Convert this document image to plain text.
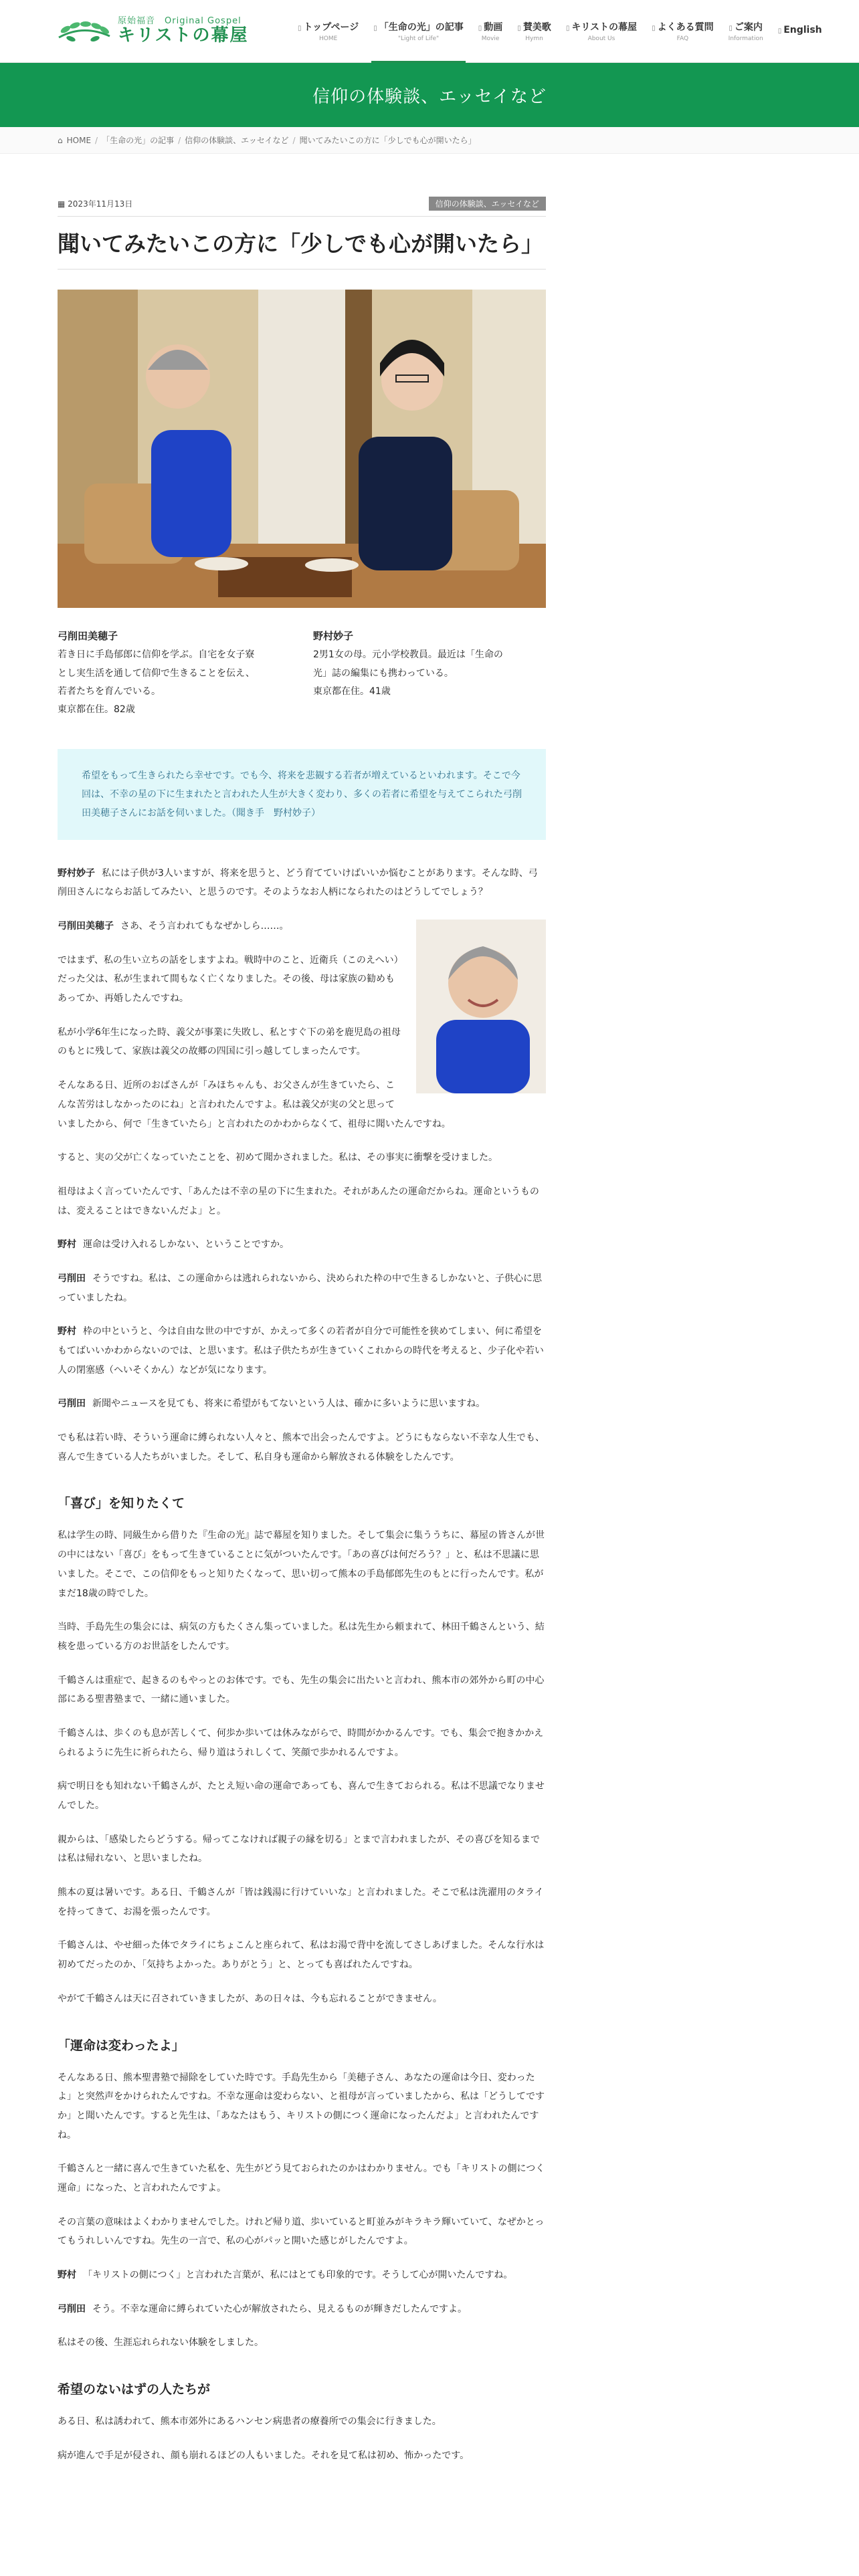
原始福音 Original Gospel
キリストの幕屋
▯	トップページ
HOME
▯ 「生命の光」の記事
"Light of Life"
▯ 動画
Movie
▯ 賛美歌
Hymn
▯ キリストの幕屋
About Us
▯ よくある質問
FAQ
▯ ご案内
Information
▯ English
信仰の体験談、エッセイなど
⌂ HOME / 「生命の光」の記事 / 信仰の体験談、エッセイなど / 聞いてみたいこの方に「少しでも心が開いたら」
▦ 2023年11月13日	信仰の体験談、エッセイなど
聞いてみたいこの方に「少しでも心が開いたら」
弓削田美穂子
若き日に手島郁郎に信仰を学ぶ。自宅を女子寮
とし実生活を通して信仰で生きることを伝え、
若者たちを育んでいる。
東京都在住。82歳
野村妙子
2男1女の母。元小学校教員。最近は「生命の
光」誌の編集にも携わっている。
東京都在住。41歳
希望をもって生きられたら幸せです。でも今、将来を悲観する若者が増えているといわれます。そこで今回は、不幸の星の下に生まれたと言われた人生が大きく変わり、多くの若者に希望を与えてこられた弓削田美穂子さんにお話を伺いました。（聞き手　野村妙子）

野村妙子 私には子供が3人いますが、将来を思うと、どう育てていけばいいか悩むことがあります。そんな時、弓削田さんにならお話してみたい、と思うのです。そのようなお人柄になられたのはどうしてでしょう？

弓削田美穂子 さあ、そう言われてもなぜかしら……。

ではまず、私の生い立ちの話をしますよね。戦時中のこと、近衛兵（このえへい）だった父は、私が生まれて間もなく亡くなりました。その後、母は家族の勧めもあってか、再婚したんですね。

私が小学6年生になった時、義父が事業に失敗し、私とすぐ下の弟を鹿児島の祖母のもとに残して、家族は義父の故郷の四国に引っ越してしまったんです。

そんなある日、近所のおばさんが「みほちゃんも、お父さんが生きていたら、こんな苦労はしなかったのにね」と言われたんですよ。私は義父が実の父と思っていましたから、何で「生きていたら」と言われたのかわからなくて、祖母に聞いたんですね。

すると、実の父が亡くなっていたことを、初めて聞かされました。私は、その事実に衝撃を受けました。

祖母はよく言っていたんです、「あんたは不幸の星の下に生まれた。それがあんたの運命だからね。運命というものは、変えることはできないんだよ」と。

野村 運命は受け入れるしかない、ということですか。

弓削田 そうですね。私は、この運命からは逃れられないから、決められた枠の中で生きるしかないと、子供心に思っていましたね。

野村 枠の中というと、今は自由な世の中ですが、かえって多くの若者が自分で可能性を狭めてしまい、何に希望をもてばいいかわからないのでは、と思います。私は子供たちが生きていくこれからの時代を考えると、少子化や若い人の閉塞感（へいそくかん）などが気になります。

弓削田 新聞やニュースを見ても、将来に希望がもてないという人は、確かに多いように思いますね。

でも私は若い時、そういう運命に縛られない人々と、熊本で出会ったんですよ。どうにもならない不幸な人生でも、喜んで生きている人たちがいました。そして、私自身も運命から解放される体験をしたんです。

「喜び」を知りたくて

私は学生の時、同級生から借りた『生命の光』誌で幕屋を知りました。そして集会に集ううちに、幕屋の皆さんが世の中にはない「喜び」をもって生きていることに気がついたんです。「あの喜びは何だろう？」と、私は不思議に思いました。そこで、この信仰をもっと知りたくなって、思い切って熊本の手島郁郎先生のもとに行ったんです。私がまだ18歳の時でした。

当時、手島先生の集会には、病気の方もたくさん集っていました。私は先生から頼まれて、林田千鶴さんという、結核を患っている方のお世話をしたんです。

千鶴さんは重症で、起きるのもやっとのお体です。でも、先生の集会に出たいと言われ、熊本市の郊外から町の中心部にある聖書塾まで、一緒に通いました。

千鶴さんは、歩くのも息が苦しくて、何歩か歩いては休みながらで、時間がかかるんです。でも、集会で抱きかかえられるように先生に祈られたら、帰り道はうれしくて、笑顔で歩かれるんですよ。

病で明日をも知れない千鶴さんが、たとえ短い命の運命であっても、喜んで生きておられる。私は不思議でなりませんでした。

親からは、「感染したらどうする。帰ってこなければ親子の縁を切る」とまで言われましたが、その喜びを知るまでは私は帰れない、と思いましたね。

熊本の夏は暑いです。ある日、千鶴さんが「皆は銭湯に行けていいな」と言われました。そこで私は洗濯用のタライを持ってきて、お湯を張ったんです。

千鶴さんは、やせ細った体でタライにちょこんと座られて、私はお湯で背中を流してさしあげました。そんな行水は初めてだったのか、「気持ちよかった。ありがとう」と、とっても喜ばれたんですね。

やがて千鶴さんは天に召されていきましたが、あの日々は、今も忘れることができません。

「運命は変わったよ」

そんなある日、熊本聖書塾で掃除をしていた時です。手島先生から「美穂子さん、あなたの運命は今日、変わったよ」と突然声をかけられたんですね。不幸な運命は変わらない、と祖母が言っていましたから、私は「どうしてですか」と聞いたんです。すると先生は、「あなたはもう、キリストの側につく運命になったんだよ」と言われたんですね。

千鶴さんと一緒に喜んで生きていた私を、先生がどう見ておられたのかはわかりません。でも「キリストの側につく運命」になった、と言われたんですよ。

その言葉の意味はよくわかりませんでした。けれど帰り道、歩いていると町並みがキラキラ輝いていて、なぜかとってもうれしいんですね。先生の一言で、私の心がパッと開いた感じがしたんですよ。

野村 「キリストの側につく」と言われた言葉が、私にはとても印象的です。そうして心が開いたんですね。

弓削田 そう。不幸な運命に縛られていた心が解放されたら、見えるものが輝きだしたんですよ。

私はその後、生涯忘れられない体験をしました。

希望のないはずの人たちが

ある日、私は誘われて、熊本市郊外にあるハンセン病患者の療養所での集会に行きました。

病が進んで手足が侵され、顔も崩れるほどの人もいました。それを見て私は初め、怖かったです。
